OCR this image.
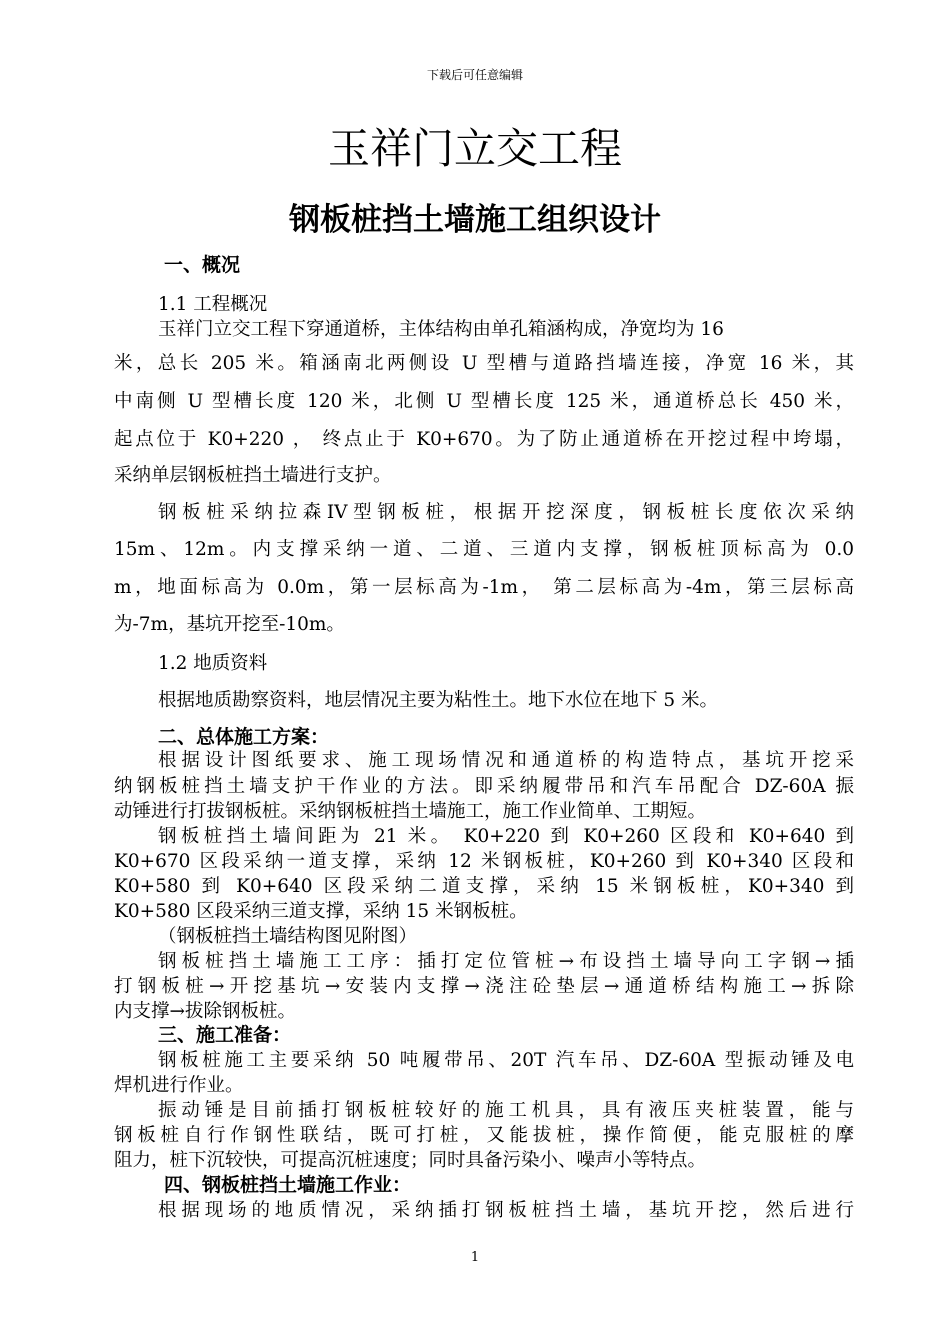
下载后可任意编辑
玉祥门立交工程
钢板桩挡土墙施工组织设计
一、概况
1.1 工程概况
玉祥门立交工程下穿通道桥，主体结构由单孔箱涵构成，净宽均为 16
米，总长 205 米。箱涵南北两侧设 U 型槽与道路挡墙连接，净宽 16 米，其
中南侧 U 型槽长度 120 米，北侧 U 型槽长度 125 米，通道桥总长 450 米，
起点位于 K0+220 ， 终点止于 K0+670。为了防止通道桥在开挖过程中垮塌，
采纳单层钢板桩挡土墙进行支护。
钢板桩采纳拉森IV型钢板桩，根据开挖深度，钢板桩长度依次采纳
15m、12m。内支撑采纳一道、二道、三道内支撑，钢板桩顶标高为 0.0
m，地面标高为 0.0m，第一层标高为-1m， 第二层标高为-4m，第三层标高
为-7m，基坑开挖至-10m。
1.2 地质资料
根据地质勘察资料，地层情况主要为粘性土。地下水位在地下 5 米。
二、总体施工方案：
根据设计图纸要求、施工现场情况和通道桥的构造特点，基坑开挖采
纳钢板桩挡土墙支护干作业的方法。即采纳履带吊和汽车吊配合 DZ-60A 振
动锤进行打拔钢板桩。采纳钢板桩挡土墙施工，施工作业简单、工期短。
钢板桩挡土墙间距为 21 米。 K0+220 到 K0+260 区段和 K0+640 到
K0+670 区段采纳一道支撑，采纳 12 米钢板桩，K0+260 到 K0+340 区段和
K0+580 到 K0+640 区段采纳二道支撑，采纳 15 米钢板桩，K0+340 到
K0+580 区段采纳三道支撑，采纳 15 米钢板桩。
（钢板桩挡土墙结构图见附图）
钢板桩挡土墙施工工序：插打定位管桩→布设挡土墙导向工字钢→插
打钢板桩→开挖基坑→安装内支撑→浇注砼垫层→通道桥结构施工→拆除
内支撑→拔除钢板桩。
三、施工准备：
钢板桩施工主要采纳 50 吨履带吊、20T 汽车吊、DZ-60A 型振动锤及电
焊机进行作业。
振动锤是目前插打钢板桩较好的施工机具，具有液压夹桩装置，能与
钢板桩自行作钢性联结，既可打桩，又能拔桩，操作简便，能克服桩的摩
阻力，桩下沉较快，可提高沉桩速度；同时具备污染小、噪声小等特点。
四、钢板桩挡土墙施工作业：
根据现场的地质情况，采纳插打钢板桩挡土墙，基坑开挖，然后进行
1
